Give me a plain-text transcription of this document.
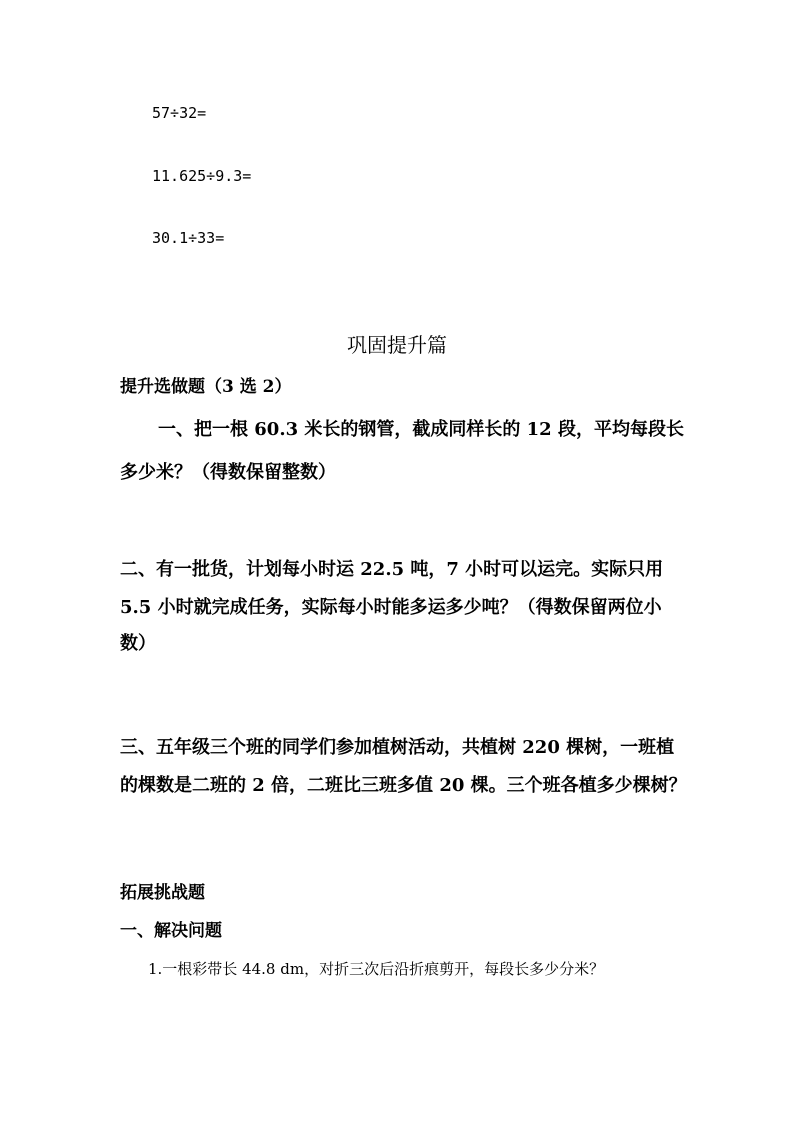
57÷32=
11.625÷9.3=
30.1÷33=
巩固提升篇
提升选做题（3 选 2）
一、把一根 60.3 米长的钢管，截成同样长的 12 段，平均每段长
多少米？（得数保留整数）
二、有一批货，计划每小时运 22.5 吨，7 小时可以运完。实际只用
5.5 小时就完成任务，实际每小时能多运多少吨？（得数保留两位小
数）
三、五年级三个班的同学们参加植树活动，共植树 220 棵树，一班植
的棵数是二班的 2 倍，二班比三班多值 20 棵。三个班各植多少棵树？
拓展挑战题
一、解决问题
1.一根彩带长 44.8 dm，对折三次后沿折痕剪开，每段长多少分米？
